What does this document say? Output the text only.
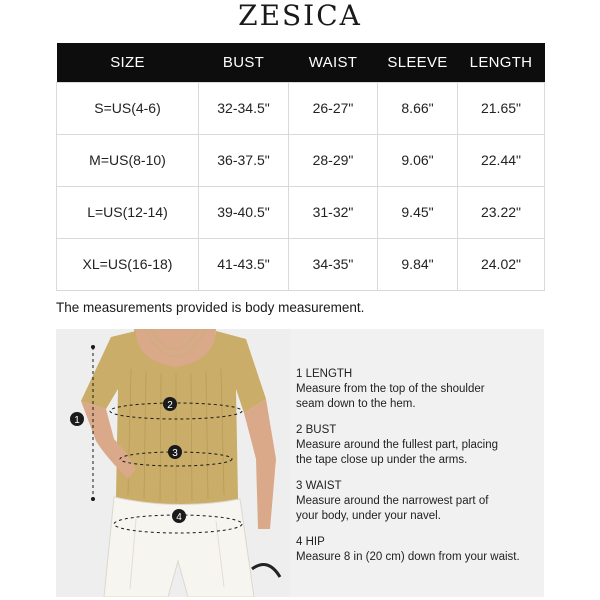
ZESICA
SIZE	BUST	WAIST	SLEEVE	LENGTH
S=US(4-6)	32-34.5"	26-27"	8.66"	21.65"
M=US(8-10)	36-37.5"	28-29"	9.06"	22.44"
L=US(12-14)	39-40.5"	31-32"	9.45"	23.22"
XL=US(16-18)	41-43.5"	34-35"	9.84"	24.02"
The measurements provided is body measurement.
1
2
3
4
1 LENGTH
Measure from the top of the shoulder
seam down to the hem.
2 BUST
Measure around the fullest part, placing
the tape close up under the arms.
3 WAIST
Measure around the narrowest part of
your body, under your navel.
4 HIP
Measure 8 in (20 cm) down from your waist.
